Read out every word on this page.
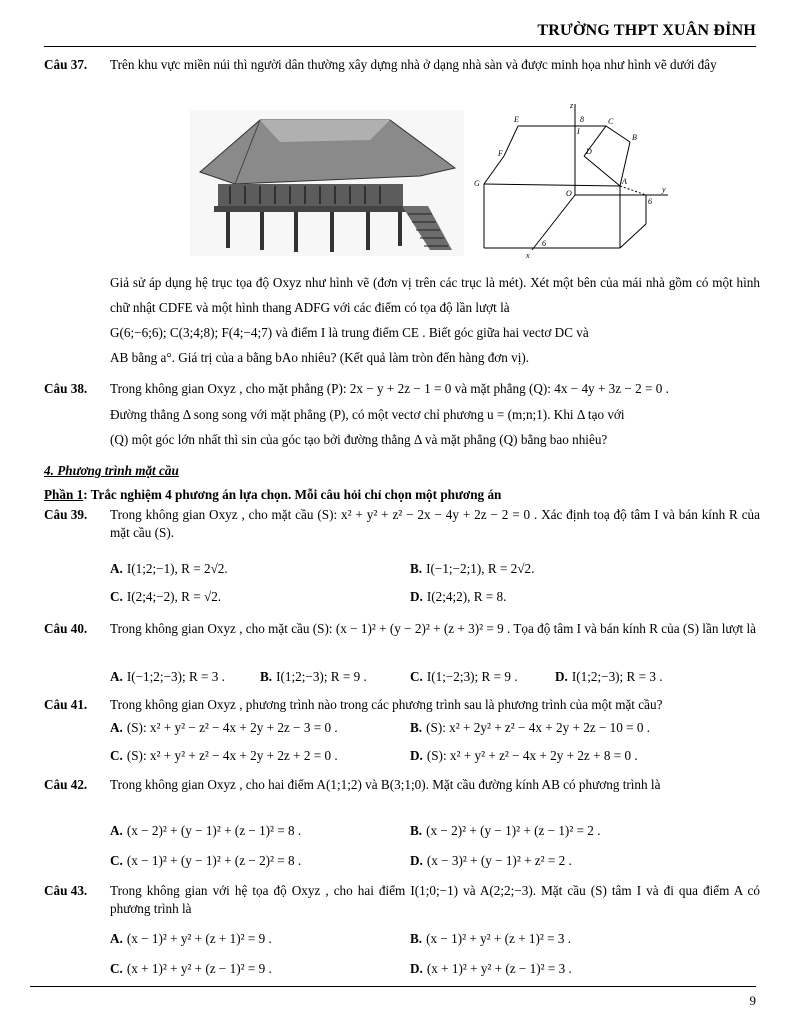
TRƯỜNG THPT XUÂN ĐỈNH
Câu 37. Trên khu vực miền núi thì người dân thường xây dựng nhà ở dạng nhà sàn và được minh họa như hình vẽ dưới đây
z
8
E
I
B
C
F	D
G
O
A
y
6
x
6
Giả sử áp dụng hệ trục tọa độ Oxyz như hình vẽ (đơn vị trên các trục là mét). Xét một bên của mái nhà gồm có một hình chữ nhật CDFE và một hình thang ADFG với các điểm có tọa độ lần lượt là
G(6;−6;6); C(3;4;8); F(4;−4;7) và điểm I là trung điểm CE . Biết góc giữa hai vectơ DC và
AB bằng a°. Giá trị của a bằng bAo nhiêu? (Kết quả làm tròn đến hàng đơn vị).
Câu 38. Trong không gian Oxyz , cho mặt phẳng (P): 2x − y + 2z − 1 = 0 và mặt phẳng (Q): 4x − 4y + 3z − 2 = 0 .
Đường thẳng Δ song song với mặt phẳng (P), có một vectơ chỉ phương u = (m;n;1). Khi Δ tạo với
(Q) một góc lớn nhất thì sin của góc tạo bởi đường thẳng Δ và mặt phẳng (Q) bằng bao nhiêu?
4. Phương trình mặt cầu
Phần 1: Trắc nghiệm 4 phương án lựa chọn. Mỗi câu hỏi chỉ chọn một phương án
Câu 39. Trong không gian Oxyz , cho mặt cầu (S): x² + y² + z² − 2x − 4y + 2z − 2 = 0 . Xác định toạ độ tâm I và bán kính R của mặt cầu (S).
A. I(1;2;−1), R = 2√2.	B. I(−1;−2;1), R = 2√2.
C. I(2;4;−2), R = √2.	D. I(2;4;2), R = 8.
Câu 40. Trong không gian Oxyz , cho mặt cầu (S): (x − 1)² + (y − 2)² + (z + 3)² = 9 . Tọa độ tâm I và bán kính R của (S) lần lượt là
A. I(−1;2;−3); R = 3 .	B. I(1;2;−3); R = 9 .	C. I(1;−2;3); R = 9 .	D. I(1;2;−3); R = 3 .
Câu 41. Trong không gian Oxyz , phương trình nào trong các phương trình sau là phương trình của một mặt cầu?
A. (S): x² + y² − z² − 4x + 2y + 2z − 3 = 0 .	B. (S): x² + 2y² + z² − 4x + 2y + 2z − 10 = 0 .
C. (S): x² + y² + z² − 4x + 2y + 2z + 2 = 0 .	D. (S): x² + y² + z² − 4x + 2y + 2z + 8 = 0 .
Câu 42. Trong không gian Oxyz , cho hai điểm A(1;1;2) và B(3;1;0). Mặt cầu đường kính AB có phương trình là
A. (x − 2)² + (y − 1)² + (z − 1)² = 8 .	B. (x − 2)² + (y − 1)² + (z − 1)² = 2 .
C. (x − 1)² + (y − 1)² + (z − 2)² = 8 .	D. (x − 3)² + (y − 1)² + z² = 2 .
Câu 43. Trong không gian với hệ tọa độ Oxyz , cho hai điểm I(1;0;−1) và A(2;2;−3). Mặt cầu (S) tâm I và đi qua điểm A có phương trình là
A. (x − 1)² + y² + (z + 1)² = 9 .	B. (x − 1)² + y² + (z + 1)² = 3 .
C. (x + 1)² + y² + (z − 1)² = 9 .	D. (x + 1)² + y² + (z − 1)² = 3 .
9
